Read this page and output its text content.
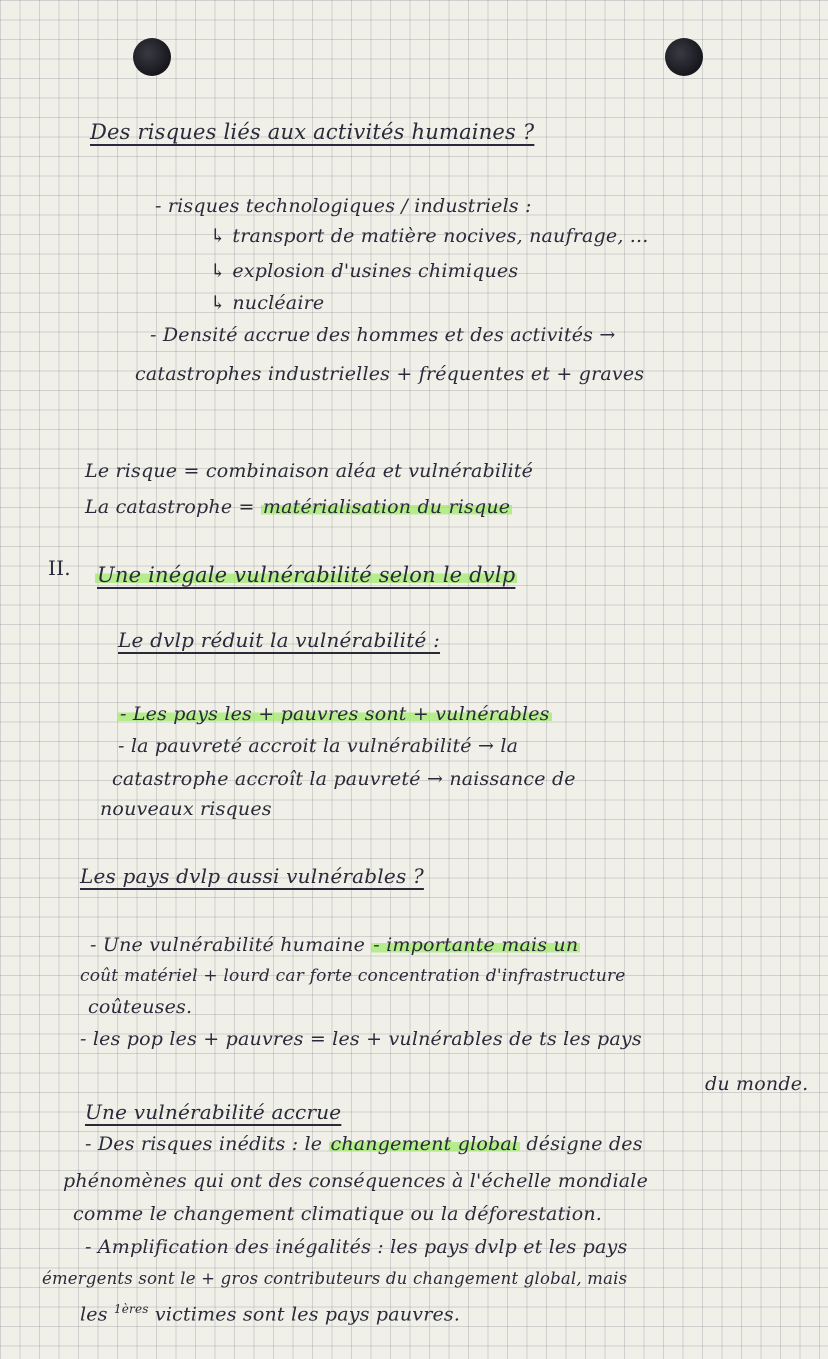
Des risques liés aux activités humaines ?
- risques technologiques / industriels :
↳ transport de matière nocives, naufrage, ...
↳ explosion d'usines chimiques
↳ nucléaire
- Densité accrue des hommes et des activités →
catastrophes industrielles + fréquentes et + graves
Le risque = combinaison aléa et vulnérabilité
La catastrophe = matérialisation du risque
II. Une inégale vulnérabilité selon le dvlp
Le dvlp réduit la vulnérabilité :
- Les pays les + pauvres sont + vulnérables
- la pauvreté accroit la vulnérabilité → la
catastrophe accroît la pauvreté → naissance de
nouveaux risques
Les pays dvlp aussi vulnérables ?
- Une vulnérabilité humaine - importante mais un
coût matériel + lourd car forte concentration d'infrastructure
coûteuses.
- les pop les + pauvres = les + vulnérables de ts les pays
du monde.
Une vulnérabilité accrue
- Des risques inédits : le changement global désigne des
phénomènes qui ont des conséquences à l'échelle mondiale
comme le changement climatique ou la déforestation.
- Amplification des inégalités : les pays dvlp et les pays
émergents sont le + gros contributeurs du changement global, mais
les $^{1ères}$ victimes sont les pays pauvres.
